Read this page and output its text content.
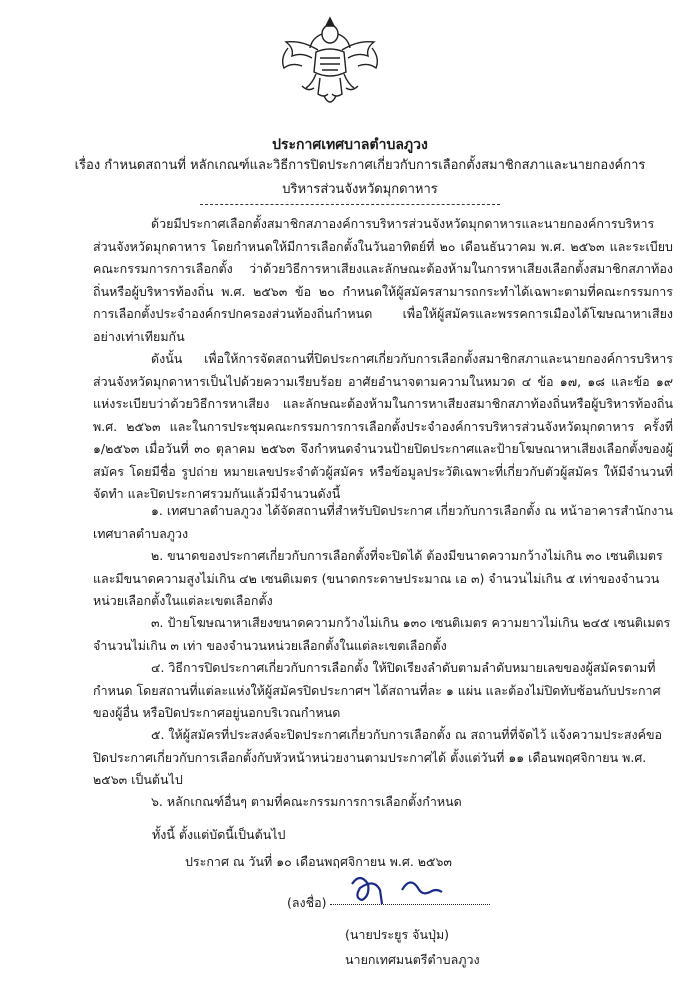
ประกาศเทศบาลตำบลภูวง
เรื่อง กำหนดสถานที่ หลักเกณฑ์และวิธีการปิดประกาศเกี่ยวกับการเลือกตั้งสมาชิกสภาและนายกองค์การ
บริหารส่วนจังหวัดมุกดาหาร
ด้วยมีประกาศเลือกตั้งสมาชิกสภาองค์การบริหารส่วนจังหวัดมุกดาหารและนายกองค์การบริหารส่วนจังหวัดมุกดาหาร โดยกำหนดให้มีการเลือกตั้งในวันอาทิตย์ที่ ๒๐ เดือนธันวาคม พ.ศ. ๒๕๖๓ และระเบียบคณะกรรมการการเลือกตั้ง ว่าด้วยวิธีการหาเสียงและลักษณะต้องห้ามในการหาเสียงเลือกตั้งสมาชิกสภาท้องถิ่นหรือผู้บริหารท้องถิ่น พ.ศ. ๒๕๖๓ ข้อ ๒๐ กำหนดให้ผู้สมัครสามารถกระทำได้เฉพาะตามที่คณะกรรมการการเลือกตั้งประจำองค์กรปกครองส่วนท้องถิ่นกำหนด เพื่อให้ผู้สมัครและพรรคการเมืองได้โฆษณาหาเสียงอย่างเท่าเทียมกัน
ดังนั้น เพื่อให้การจัดสถานที่ปิดประกาศเกี่ยวกับการเลือกตั้งสมาชิกสภาและนายกองค์การบริหารส่วนจังหวัดมุกดาหารเป็นไปด้วยความเรียบร้อย อาศัยอำนาจตามความในหมวด ๔ ข้อ ๑๗, ๑๘ และข้อ ๑๙ แห่งระเบียบว่าด้วยวิธีการหาเสียง และลักษณะต้องห้ามในการหาเสียงสมาชิกสภาท้องถิ่นหรือผู้บริหารท้องถิ่น พ.ศ. ๒๕๖๓ และในการประชุมคณะกรรมการการเลือกตั้งประจำองค์การบริหารส่วนจังหวัดมุกดาหาร ครั้งที่ ๑/๒๕๖๓ เมื่อวันที่ ๓๐ ตุลาคม ๒๕๖๓ จึงกำหนดจำนวนป้ายปิดประกาศและป้ายโฆษณาหาเสียงเลือกตั้งของผู้สมัคร โดยมีชื่อ รูปถ่าย หมายเลขประจำตัวผู้สมัคร หรือข้อมูลประวัติเฉพาะที่เกี่ยวกับตัวผู้สมัคร ให้มีจำนวนที่จัดทำ และปิดประกาศรวมกันแล้วมีจำนวนดังนี้
๑. เทศบาลตำบลภูวง ได้จัดสถานที่สำหรับปิดประกาศ เกี่ยวกับการเลือกตั้ง ณ หน้าอาคารสำนักงานเทศบาลตำบลภูวง
๒. ขนาดของประกาศเกี่ยวกับการเลือกตั้งที่จะปิดได้ ต้องมีขนาดความกว้างไม่เกิน ๓๐ เซนติเมตร และมีขนาดความสูงไม่เกิน ๔๒ เซนติเมตร (ขนาดกระดาษประมาณ เอ ๓) จำนวนไม่เกิน ๕ เท่าของจำนวนหน่วยเลือกตั้งในแต่ละเขตเลือกตั้ง
๓. ป้ายโฆษณาหาเสียงขนาดความกว้างไม่เกิน ๑๓๐ เซนติเมตร ความยาวไม่เกิน ๒๔๕ เซนติเมตร จำนวนไม่เกิน ๓ เท่า ของจำนวนหน่วยเลือกตั้งในแต่ละเขตเลือกตั้ง
๔. วิธีการปิดประกาศเกี่ยวกับการเลือกตั้ง ให้ปิดเรียงลำดับตามลำดับหมายเลขของผู้สมัครตามที่กำหนด โดยสถานที่แต่ละแห่งให้ผู้สมัครปิดประกาศฯ ได้สถานที่ละ ๑ แผ่น และต้องไม่ปิดทับซ้อนกับประกาศของผู้อื่น หรือปิดประกาศอยู่นอกบริเวณกำหนด
๕. ให้ผู้สมัครที่ประสงค์จะปิดประกาศเกี่ยวกับการเลือกตั้ง ณ สถานที่ที่จัดไว้ แจ้งความประสงค์ขอปิดประกาศเกี่ยวกับการเลือกตั้งกับหัวหน้าหน่วยงานตามประกาศได้ ตั้งแต่วันที่ ๑๑ เดือนพฤศจิกายน พ.ศ. ๒๕๖๓ เป็นต้นไป
๖. หลักเกณฑ์อื่นๆ ตามที่คณะกรรมการการเลือกตั้งกำหนด
ทั้งนี้ ตั้งแต่บัดนี้เป็นต้นไป
ประกาศ ณ วันที่ ๑๐ เดือนพฤศจิกายน พ.ศ. ๒๕๖๓
(ลงชื่อ)
(นายประยูร จันปุ่ม)
นายกเทศมนตรีตำบลภูวง
